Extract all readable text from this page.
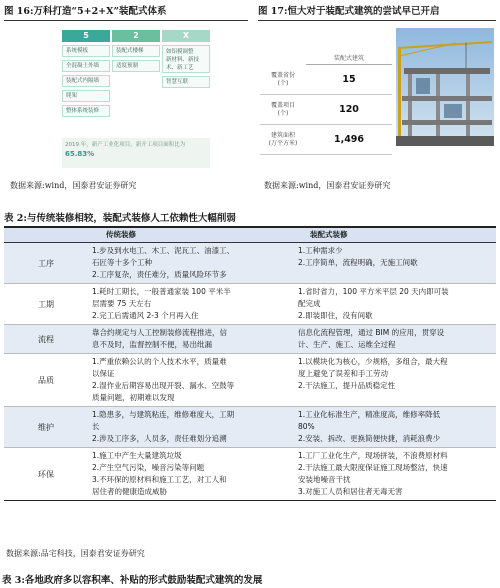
图 16:万科打造“5+2+X”装配式体系
5
系统模板
全混凝土外墙
装配式内隔墙
爬架
整体系统装修
2
装配式楼梯
适度预制
X
如铝模调整
新材料、新技
术、新工艺
智慧互联
2019 年，新产工业化项目，新开工项目面积比为
65.83%
图 17:恒大对于装配式建筑的尝试早已开启
装配式建筑
覆盖省份
(个)	15
覆盖项目
(个)	120
建筑面积
(万平方米)	1,496
数据来源:wind，国泰君安证券研究	数据来源:wind，国泰君安证券研究
表 2:与传统装修相较，装配式装修人工依赖性大幅削弱
传统装修	装配式装修
工序
1.步及到水电工、木工、泥瓦工、油漆工、
石匠等十多个工种
2.工序复杂，责任难分，质量风险环节多
1.工种需求少
2.工序简单，流程明确，无施工间歇
工期
1.耗时工期长，一般普通家装 100 平米半
层需要 75 天左右
2.完工后需通风 2-3 个月再入住
1.省时省力，100 平方米平层 20 天内即可装
配完成
2.即装即住，没有间歇
流程
靠合约规定与人工控制装修流程推进，信
息不及时，监督控制不便，易出纰漏
信息化流程管理，通过 BIM 的应用，贯穿设
计、生产、施工、运维全过程
品质
1.严重依赖公认的个人技术水平，质量难
以保证
2.湿作业后期容易出现开裂、漏水、空鼓等
质量问题，初期难以发现
1.以模块化为核心，少规格，多组合，最大程
度上避免了误差和手工劳动
2.干法施工，提升品质稳定性
维护
1.隐患多，与建筑粘连，维修难度大，工期
长
2.涉及工序多，人员多，责任难划分追溯
1.工业化标准生产，精准度高，维修率降低
80%
2.安装、拆改、更换简便快捷，消耗浪费少
环保
1.施工中产生大量建筑垃圾
2.产生空气污染，噪音污染等问题
3.不环保的原材料和施工工艺，对工人和
居住者的健康造成威胁
1.工厂工业化生产，现场拼装，不浪费原材料
2.干法施工最大限度保证施工现场整洁，快速
安装地噪音干扰
3.对施工人员和居住者无毒无害
数据来源:品宅科技，国泰君安证券研究
表 3:各地政府多以容积率、补贴的形式鼓励装配式建筑的发展
